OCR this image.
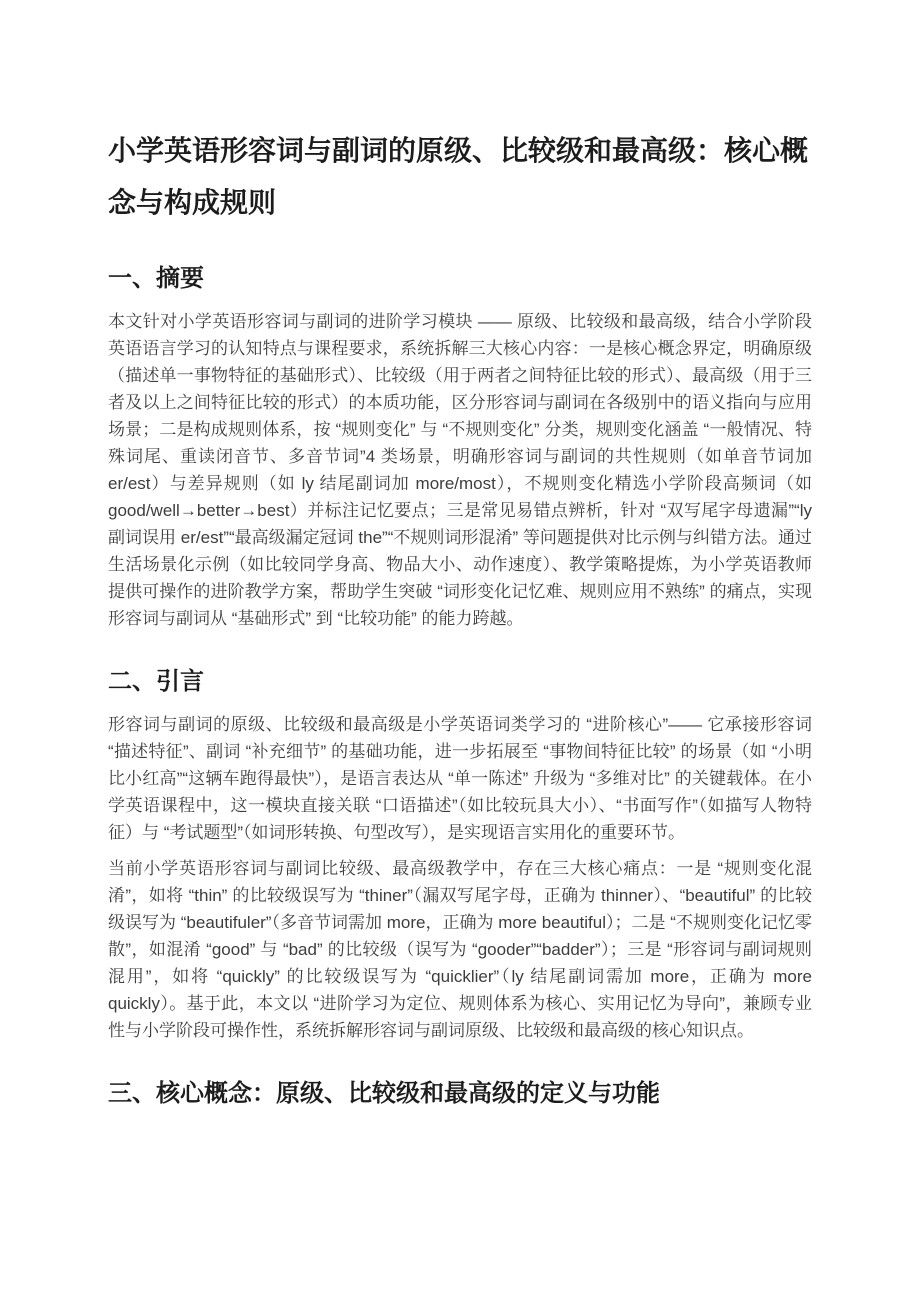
小学英语形容词与副词的原级、比较级和最高级：核心概念与构成规则
一、摘要

本文针对小学英语形容词与副词的进阶学习模块 —— 原级、比较级和最高级，结合小学阶段英语语言学习的认知特点与课程要求，系统拆解三大核心内容：一是核心概念界定，明确原级（描述单一事物特征的基础形式）、比较级（用于两者之间特征比较的形式）、最高级（用于三者及以上之间特征比较的形式）的本质功能，区分形容词与副词在各级别中的语义指向与应用场景；二是构成规则体系，按 “规则变化” 与 “不规则变化” 分类，规则变化涵盖 “一般情况、特殊词尾、重读闭音节、多音节词”4 类场景，明确形容词与副词的共性规则（如单音节词加 er/est）与差异规则（如 ly 结尾副词加 more/most），不规则变化精选小学阶段高频词（如 good/well→better→best）并标注记忆要点；三是常见易错点辨析，针对 “双写尾字母遗漏”“ly 副词误用 er/est”“最高级漏定冠词 the”“不规则词形混淆” 等问题提供对比示例与纠错方法。通过生活场景化示例（如比较同学身高、物品大小、动作速度）、教学策略提炼，为小学英语教师提供可操作的进阶教学方案，帮助学生突破 “词形变化记忆难、规则应用不熟练” 的痛点，实现形容词与副词从 “基础形式” 到 “比较功能” 的能力跨越。

二、引言

形容词与副词的原级、比较级和最高级是小学英语词类学习的 “进阶核心”—— 它承接形容词 “描述特征”、副词 “补充细节” 的基础功能，进一步拓展至 “事物间特征比较” 的场景（如 “小明比小红高”“这辆车跑得最快”），是语言表达从 “单一陈述” 升级为 “多维对比” 的关键载体。在小学英语课程中，这一模块直接关联 “口语描述”（如比较玩具大小）、“书面写作”（如描写人物特征）与 “考试题型”（如词形转换、句型改写），是实现语言实用化的重要环节。

当前小学英语形容词与副词比较级、最高级教学中，存在三大核心痛点：一是 “规则变化混淆”，如将 “thin” 的比较级误写为 “thiner”（漏双写尾字母，正确为 thinner）、“beautiful” 的比较级误写为 “beautifuler”（多音节词需加 more，正确为 more beautiful）；二是 “不规则变化记忆零散”，如混淆 “good” 与 “bad” 的比较级（误写为 “gooder”“badder”）；三是 “形容词与副词规则混用”，如将 “quickly” 的比较级误写为 “quicklier”（ly 结尾副词需加 more，正确为 more quickly）。基于此，本文以 “进阶学习为定位、规则体系为核心、实用记忆为导向”，兼顾专业性与小学阶段可操作性，系统拆解形容词与副词原级、比较级和最高级的核心知识点。

三、核心概念：原级、比较级和最高级的定义与功能
